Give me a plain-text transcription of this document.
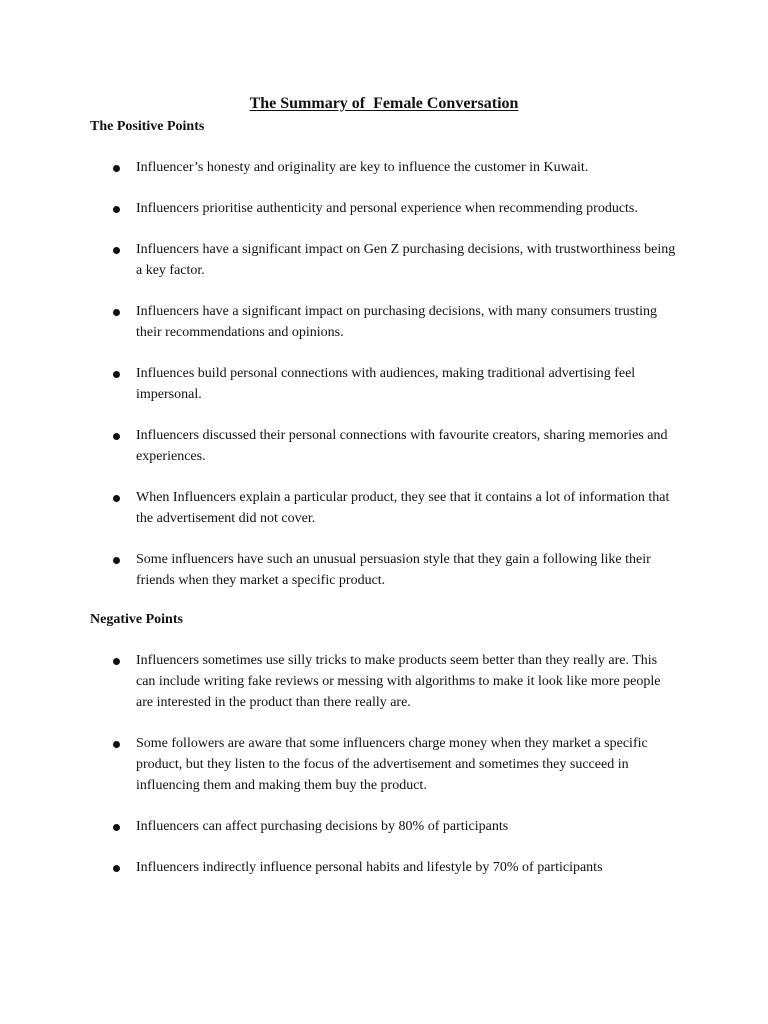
The Summary of  Female Conversation
The Positive Points
Influencer’s honesty and originality are key to influence the customer in Kuwait.
Influencers prioritise authenticity and personal experience when recommending products.
Influencers have a significant impact on Gen Z purchasing decisions, with trustworthiness being a key factor.
Influencers have a significant impact on purchasing decisions, with many consumers trusting their recommendations and opinions.
Influences build personal connections with audiences, making traditional advertising feel impersonal.
Influencers discussed their personal connections with favourite creators, sharing memories and experiences.
When Influencers explain a particular product, they see that it contains a lot of information that the advertisement did not cover.
Some influencers have such an unusual persuasion style that they gain a following like their friends when they market a specific product.
Negative Points
Influencers sometimes use silly tricks to make products seem better than they really are. This can include writing fake reviews or messing with algorithms to make it look like more people are interested in the product than there really are.
Some followers are aware that some influencers charge money when they market a specific product, but they listen to the focus of the advertisement and sometimes they succeed in influencing them and making them buy the product.
Influencers can affect purchasing decisions by 80% of participants
Influencers indirectly influence personal habits and lifestyle by 70% of participants
